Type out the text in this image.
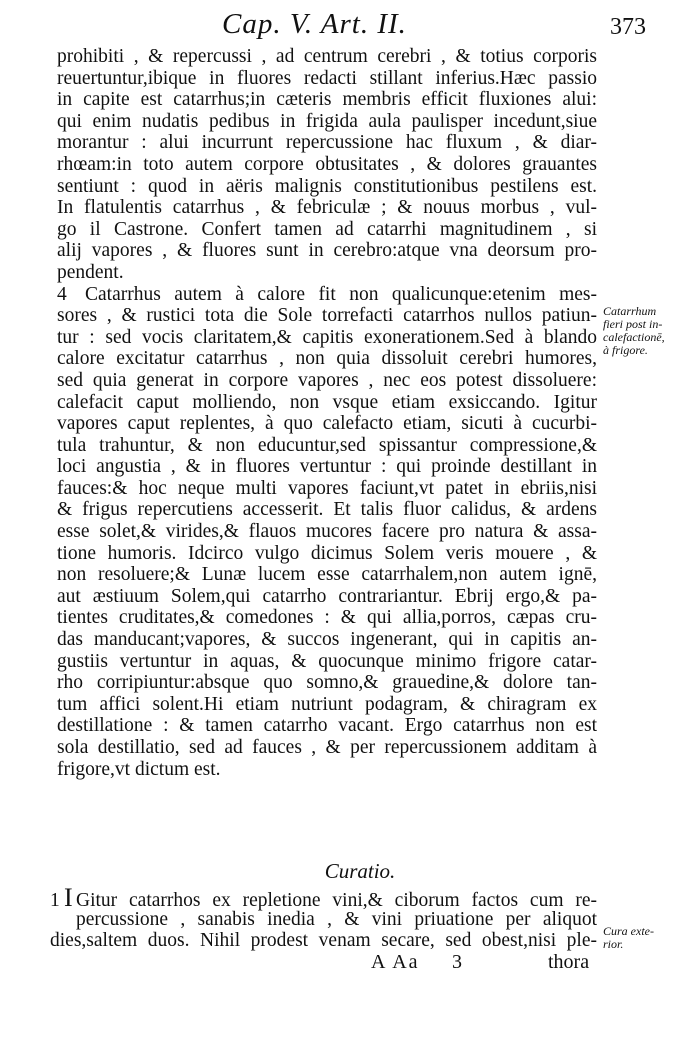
Cap. V. Art. II.	373
prohibiti , & repercussi , ad centrum cerebri , & totius corporis
reuertuntur,ibique in fluores redacti stillant inferius.Hæc passio
in capite est catarrhus;in cæteris membris efficit fluxiones alui:
qui enim nudatis pedibus in frigida aula paulisper incedunt,siue
morantur : alui incurrunt repercussione hac fluxum , & diar-
rhœam:in toto autem corpore obtusitates , & dolores grauantes
sentiunt : quod in aëris malignis constitutionibus pestilens est.
In flatulentis catarrhus , & febriculæ ; & nouus morbus , vul-
go il Castrone. Confert tamen ad catarrhi magnitudinem , si
alij vapores , & fluores sunt in cerebro:atque vna deorsum pro-
pendent.
4 Catarrhus autem à calore fit non qualicunque:etenim mes-
sores , & rustici tota die Sole torrefacti catarrhos nullos patiun-
tur : sed vocis claritatem,& capitis exonerationem.Sed à blando
calore excitatur catarrhus , non quia dissoluit cerebri humores,
sed quia generat in corpore vapores , nec eos potest dissoluere:
calefacit caput molliendo, non vsque etiam exsiccando. Igitur
vapores caput replentes, à quo calefacto etiam, sicuti à cucurbi-
tula trahuntur, & non educuntur,sed spissantur compressione,&
loci angustia , & in fluores vertuntur : qui proinde destillant in
fauces:& hoc neque multi vapores faciunt,vt patet in ebriis,nisi
& frigus repercutiens accesserit. Et talis fluor calidus, & ardens
esse solet,& virides,& flauos mucores facere pro natura & assa-
tione humoris. Idcirco vulgo dicimus Solem veris mouere , &
non resoluere;& Lunæ lucem esse catarrhalem,non autem ignē,
aut æstiuum Solem,qui catarrho contrariantur. Ebrij ergo,& pa-
tientes cruditates,& comedones : & qui allia,porros, cæpas cru-
das manducant;vapores, & succos ingenerant, qui in capitis an-
gustiis vertuntur in aquas, & quocunque minimo frigore catar-
rho corripiuntur:absque quo somno,& grauedine,& dolore tan-
tum affici solent.Hi etiam nutriunt podagram, & chiragram ex
destillatione : & tamen catarrho vacant. Ergo catarrhus non est
sola destillatio, sed ad fauces , & per repercussionem additam à
frigore,vt dictum est.
Catarrhum
fieri post in-
calefactionē,
à frigore.
Curatio.
1 I Gitur catarrhos ex repletione vini,& ciborum factos cum re-
percussione , sanabis inedia , & vini priuatione per aliquot
dies,saltem duos. Nihil prodest venam secare, sed obest,nisi ple- Cura exte-
rior.
A Aa 3	thora
